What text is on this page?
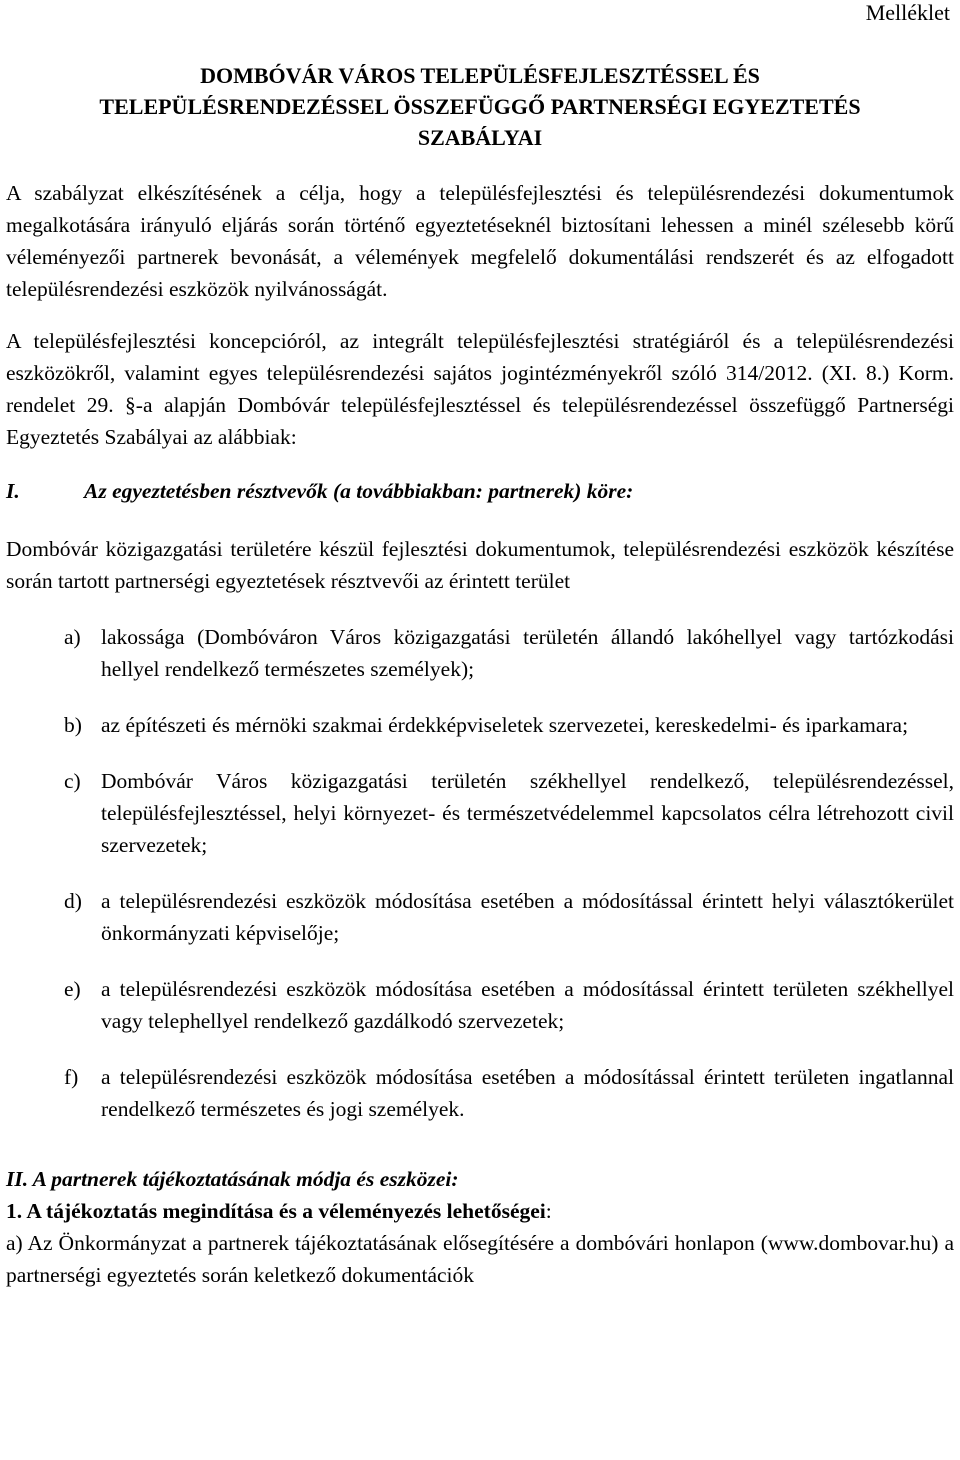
Melléklet
DOMBÓVÁR VÁROS TELEPÜLÉSFEJLESZTÉSSEL ÉS
TELEPÜLÉSRENDEZÉSSEL ÖSSZEFÜGGŐ PARTNERSÉGI EGYEZTETÉS
SZABÁLYAI

A szabályzat elkészítésének a célja, hogy a településfejlesztési és településrendezési dokumentumok megalkotására irányuló eljárás során történő egyeztetéseknél biztosítani lehessen a minél szélesebb körű véleményezői partnerek bevonását, a vélemények megfelelő dokumentálási rendszerét és az elfogadott településrendezési eszközök nyilvánosságát.

A településfejlesztési koncepcióról, az integrált településfejlesztési stratégiáról és a településrendezési eszközökről, valamint egyes településrendezési sajátos jogintézményekről szóló 314/2012. (XI. 8.) Korm. rendelet 29. §-a alapján Dombóvár településfejlesztéssel és településrendezéssel összefüggő Partnerségi Egyeztetés Szabályai az alábbiak:

I.	Az egyeztetésben résztvevők (a továbbiakban: partnerek) köre:

Dombóvár közigazgatási területére készül fejlesztési dokumentumok, településrendezési eszközök készítése során tartott partnerségi egyeztetések résztvevői az érintett terület

a) lakossága (Dombóváron Város közigazgatási területén állandó lakóhellyel vagy tartózkodási hellyel rendelkező természetes személyek);
b) az építészeti és mérnöki szakmai érdekképviseletek szervezetei, kereskedelmi- és iparkamara;
c) Dombóvár Város közigazgatási területén székhellyel rendelkező, településrendezéssel, településfejlesztéssel, helyi környezet- és természetvédelemmel kapcsolatos célra létrehozott civil szervezetek;
d) a településrendezési eszközök módosítása esetében a módosítással érintett helyi választókerület önkormányzati képviselője;
e) a településrendezési eszközök módosítása esetében a módosítással érintett területen székhellyel vagy telephellyel rendelkező gazdálkodó szervezetek;
f) a településrendezési eszközök módosítása esetében a módosítással érintett területen ingatlannal rendelkező természetes és jogi személyek.
II. A partnerek tájékoztatásának módja és eszközei:
1. A tájékoztatás megindítása és a véleményezés lehetőségei:

a) Az Önkormányzat a partnerek tájékoztatásának elősegítésére a dombóvári honlapon (www.dombovar.hu) a partnerségi egyeztetés során keletkező dokumentációk
